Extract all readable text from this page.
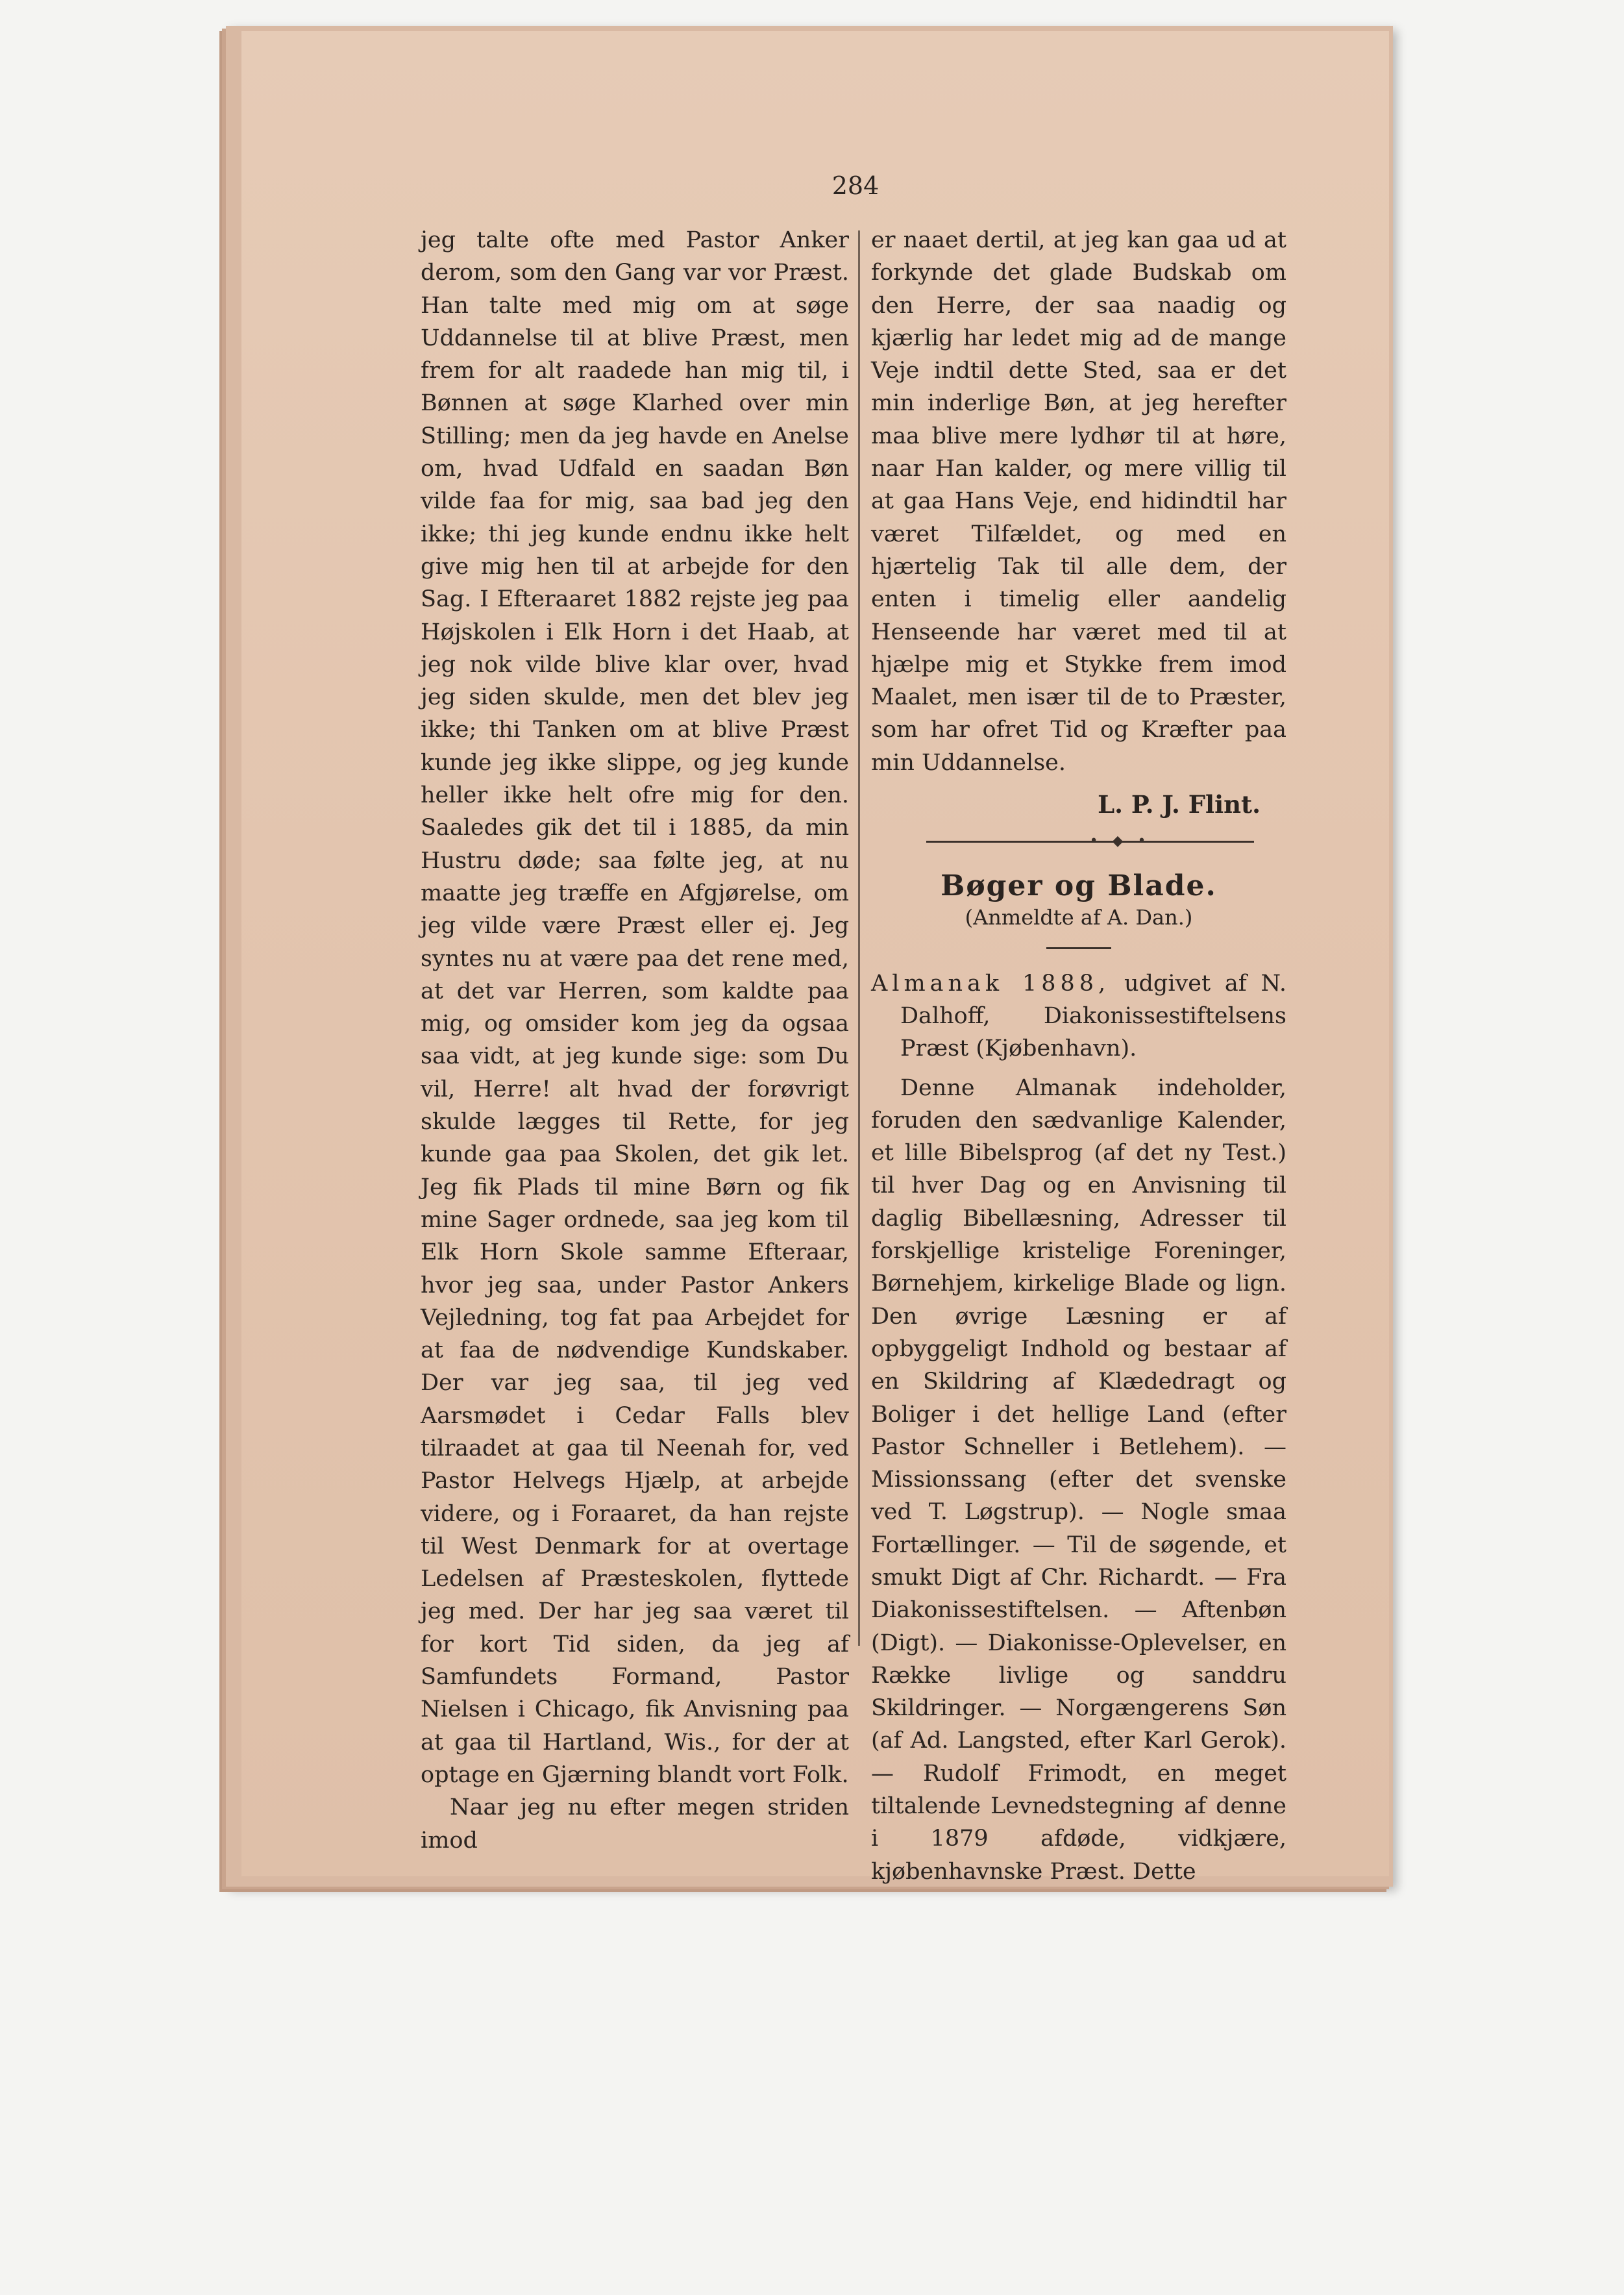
284

jeg talte ofte med Pastor Anker derom, som den Gang var vor Præst. Han talte med mig om at søge Uddannelse til at blive Præst, men frem for alt raadede han mig til, i Bønnen at søge Klarhed over min Stilling; men da jeg havde en Anelse om, hvad Udfald en saadan Bøn vilde faa for mig, saa bad jeg den ikke; thi jeg kunde endnu ikke helt give mig hen til at arbejde for den Sag. I Efteraaret 1882 rejste jeg paa Højskolen i Elk Horn i det Haab, at jeg nok vilde blive klar over, hvad jeg siden skulde, men det blev jeg ikke; thi Tanken om at blive Præst kunde jeg ikke slippe, og jeg kunde heller ikke helt ofre mig for den. Saaledes gik det til i 1885, da min Hustru døde; saa følte jeg, at nu maatte jeg træffe en Afgjørelse, om jeg vilde være Præst eller ej. Jeg syntes nu at være paa det rene med, at det var Herren, som kaldte paa mig, og omsider kom jeg da ogsaa saa vidt, at jeg kunde sige: som Du vil, Herre! alt hvad der forøvrigt skulde lægges til Rette, for jeg kunde gaa paa Skolen, det gik let. Jeg fik Plads til mine Børn og fik mine Sager ordnede, saa jeg kom til Elk Horn Skole samme Efteraar, hvor jeg saa, under Pastor Ankers Vejledning, tog fat paa Arbejdet for at faa de nødvendige Kundskaber. Der var jeg saa, til jeg ved Aarsmødet i Cedar Falls blev tilraadet at gaa til Neenah for, ved Pastor Helvegs Hjælp, at arbejde videre, og i Foraaret, da han rejste til West Denmark for at overtage Ledelsen af Præsteskolen, flyttede jeg med. Der har jeg saa været til for kort Tid siden, da jeg af Samfundets Formand, Pastor Nielsen i Chicago, fik Anvisning paa at gaa til Hartland, Wis., for der at optage en Gjærning blandt vort Folk.

Naar jeg nu efter megen striden imod

er naaet dertil, at jeg kan gaa ud at forkynde det glade Budskab om den Herre, der saa naadig og kjærlig har ledet mig ad de mange Veje indtil dette Sted, saa er det min inderlige Bøn, at jeg herefter maa blive mere lydhør til at høre, naar Han kalder, og mere villig til at gaa Hans Veje, end hidindtil har været Tilfældet, og med en hjærtelig Tak til alle dem, der enten i timelig eller aandelig Henseende har været med til at hjælpe mig et Stykke frem imod Maalet, men især til de to Præster, som har ofret Tid og Kræfter paa min Uddannelse.

L. P. J. Flint.

•—◆—•

Bøger og Blade.

(Anmeldte af A. Dan.)

Almanak 1888, udgivet af N. Dalhoff, Diakonissestiftelsens Præst (Kjøbenhavn).

Denne Almanak indeholder, foruden den sædvanlige Kalender, et lille Bibelsprog (af det ny Test.) til hver Dag og en Anvisning til daglig Bibellæsning, Adresser til forskjellige kristelige Foreninger, Børnehjem, kirkelige Blade og lign. Den øvrige Læsning er af opbyggeligt Indhold og bestaar af en Skildring af Klædedragt og Boliger i det hellige Land (efter Pastor Schneller i Betlehem). — Missionssang (efter det svenske ved T. Løgstrup). — Nogle smaa Fortællinger. — Til de søgende, et smukt Digt af Chr. Richardt. — Fra Diakonissestiftelsen. — Aftenbøn (Digt). — Diakonisse-Oplevelser, en Række livlige og sanddru Skildringer. — Norgængerens Søn (af Ad. Langsted, efter Karl Gerok). — Rudolf Frimodt, en meget tiltalende Levnedstegning af denne i 1879 afdøde, vidkjære, kjøbenhavnske Præst. Dette
